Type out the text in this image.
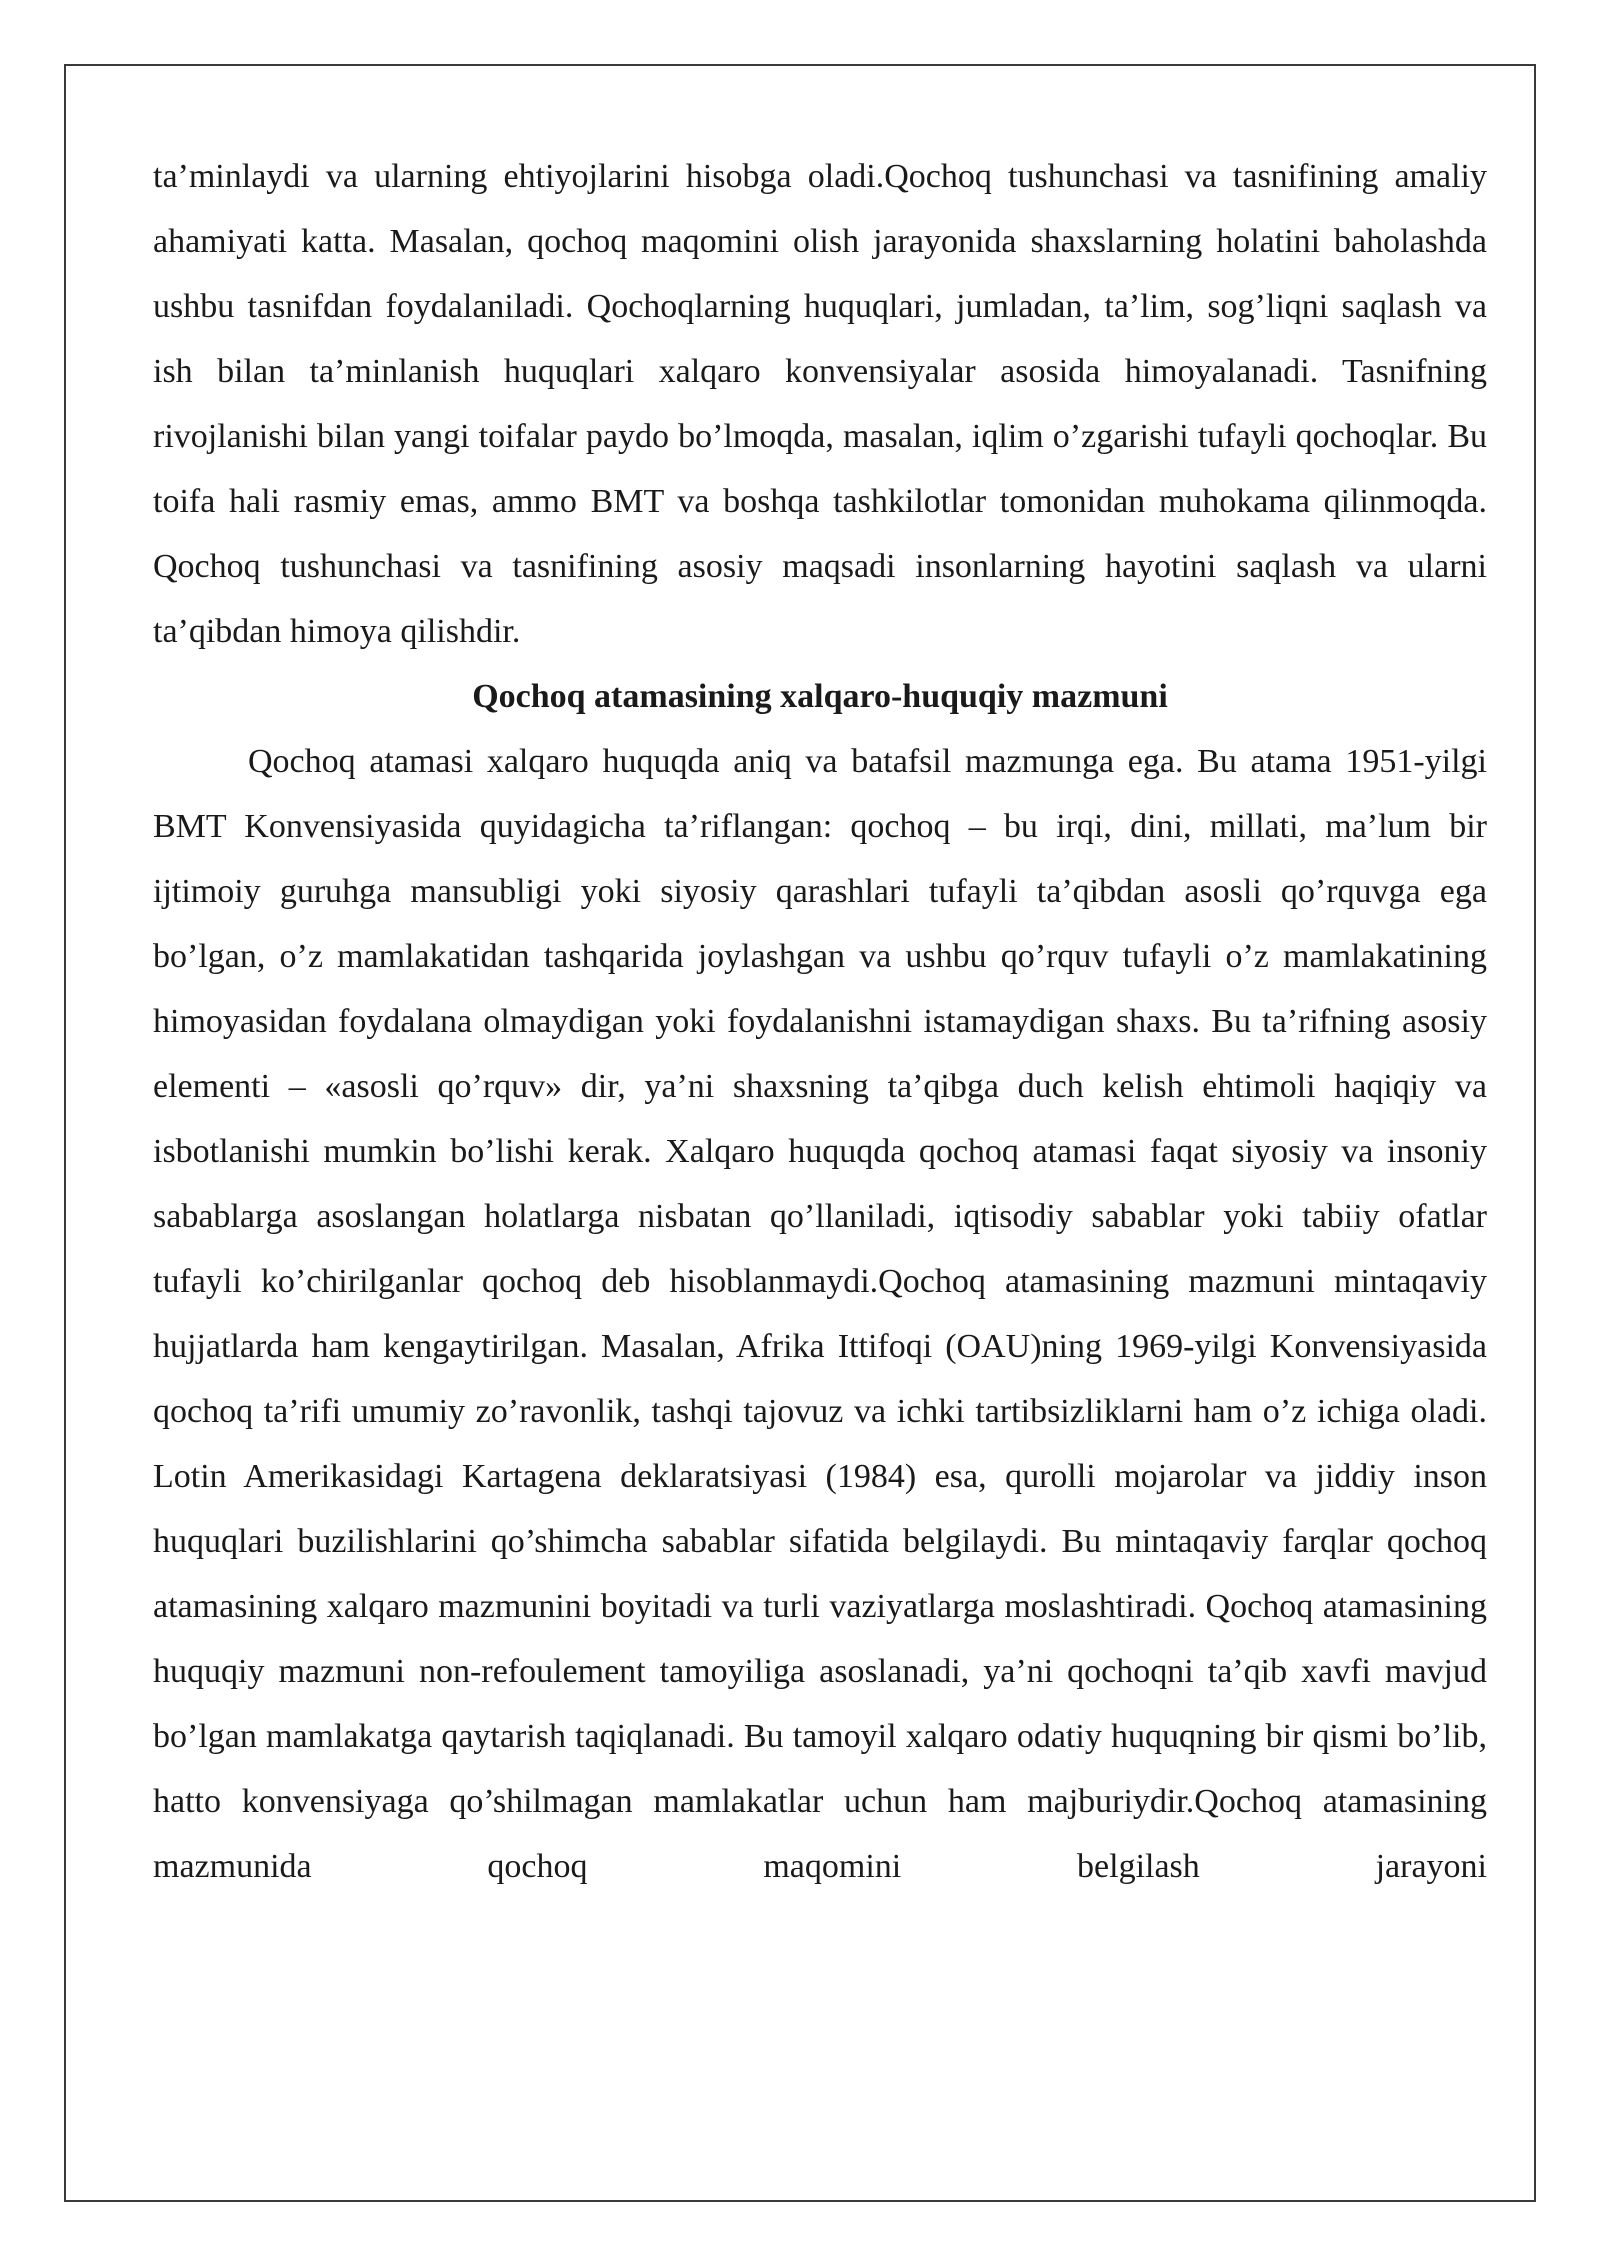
ta’minlaydi va ularning ehtiyojlarini hisobga oladi.Qochoq tushunchasi va tasnifining amaliy ahamiyati katta. Masalan, qochoq maqomini olish jarayonida shaxslarning holatini baholashda ushbu tasnifdan foydalaniladi. Qochoqlarning huquqlari, jumladan, ta’lim, sog’liqni saqlash va ish bilan ta’minlanish huquqlari xalqaro konvensiyalar asosida himoyalanadi. Tasnifning rivojlanishi bilan yangi toifalar paydo bo’lmoqda, masalan, iqlim o’zgarishi tufayli qochoqlar. Bu toifa hali rasmiy emas, ammo BMT va boshqa tashkilotlar tomonidan muhokama qilinmoqda. Qochoq tushunchasi va tasnifining asosiy maqsadi insonlarning hayotini saqlash va ularni ta’qibdan himoya qilishdir.

Qochoq atamasining xalqaro-huquqiy mazmuni

Qochoq atamasi xalqaro huquqda aniq va batafsil mazmunga ega. Bu atama 1951-yilgi BMT Konvensiyasida quyidagicha ta’riflangan: qochoq – bu irqi, dini, millati, ma’lum bir ijtimoiy guruhga mansubligi yoki siyosiy qarashlari tufayli ta’qibdan asosli qo’rquvga ega bo’lgan, o’z mamlakatidan tashqarida joylashgan va ushbu qo’rquv tufayli o’z mamlakatining himoyasidan foydalana olmaydigan yoki foydalanishni istamaydigan shaxs. Bu ta’rifning asosiy elementi – «asosli qo’rquv» dir, ya’ni shaxsning ta’qibga duch kelish ehtimoli haqiqiy va isbotlanishi mumkin bo’lishi kerak. Xalqaro huquqda qochoq atamasi faqat siyosiy va insoniy sabablarga asoslangan holatlarga nisbatan qo’llaniladi, iqtisodiy sabablar yoki tabiiy ofatlar tufayli ko’chirilganlar qochoq deb hisoblanmaydi.Qochoq atamasining mazmuni mintaqaviy hujjatlarda ham kengaytirilgan. Masalan, Afrika Ittifoqi (OAU)ning 1969-yilgi Konvensiyasida qochoq ta’rifi umumiy zo’ravonlik, tashqi tajovuz va ichki tartibsizliklarni ham o’z ichiga oladi. Lotin Amerikasidagi Kartagena deklaratsiyasi (1984) esa, qurolli mojarolar va jiddiy inson huquqlari buzilishlarini qo’shimcha sabablar sifatida belgilaydi. Bu mintaqaviy farqlar qochoq atamasining xalqaro mazmunini boyitadi va turli vaziyatlarga moslashtiradi. Qochoq atamasining huquqiy mazmuni non-refoulement tamoyiliga asoslanadi, ya’ni qochoqni ta’qib xavfi mavjud bo’lgan mamlakatga qaytarish taqiqlanadi. Bu tamoyil xalqaro odatiy huquqning bir qismi bo’lib, hatto konvensiyaga qo’shilmagan mamlakatlar uchun ham majburiydir.Qochoq atamasining mazmunida qochoq maqomini belgilash jarayoni
